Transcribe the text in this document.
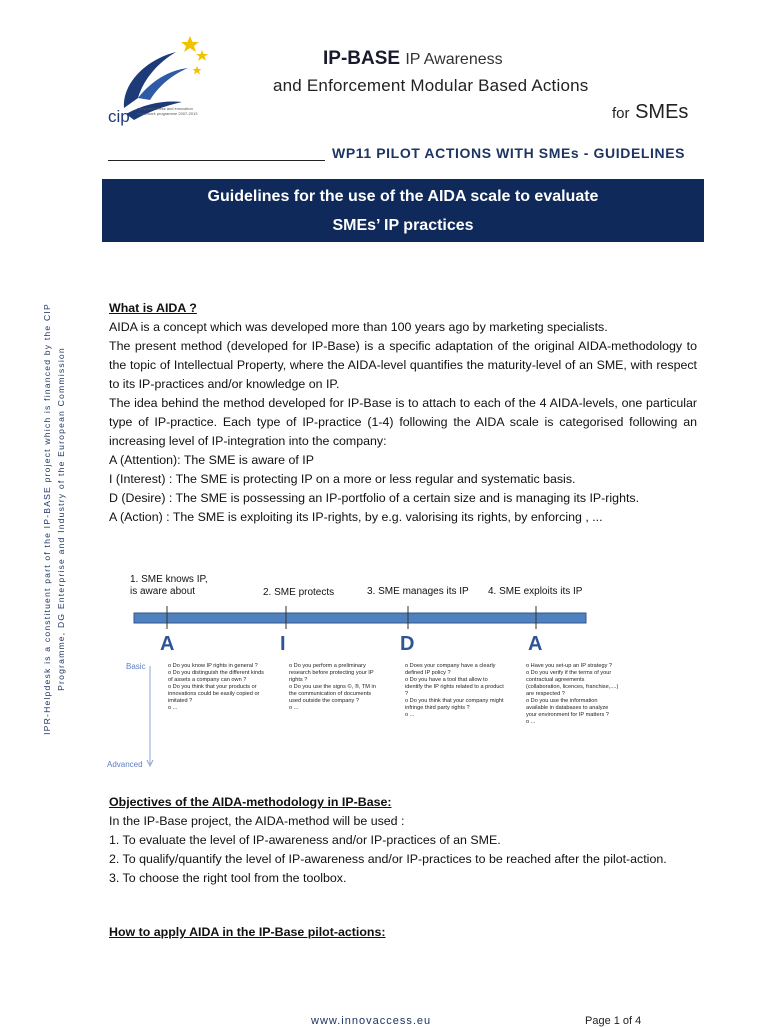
cip competitiveness and innovation framework programme 2007-2013
IP-BASE IP Awareness
and Enforcement Modular Based Actions
for SMEs
WP11 PILOT ACTIONS WITH SMEs - GUIDELINES
Guidelines for the use of the AIDA scale to evaluate
SMEs’ IP practices
IPR-Helpdesk is a constituent part of the IP-BASE project which is financed by the CIP Programme, DG Enterprise and Industry of the European Commission

What is AIDA ?

AIDA is a concept which was developed more than 100 years ago by marketing specialists.

The present method (developed for IP-Base) is a specific adaptation of the original AIDA-methodology to the topic of Intellectual Property, where the AIDA-level quantifies the maturity-level of an SME, with respect to its IP-practices and/or knowledge on IP.

The idea behind the method developed for IP-Base is to attach to each of the 4 AIDA-levels, one particular type of IP-practice. Each type of IP-practice (1-4) following the AIDA scale is categorised following an increasing level of IP-integration into the company:

A (Attention): The SME is aware of IP

I (Interest) : The SME is protecting IP on a more or less regular and systematic basis.

D (Desire) : The SME is possessing an IP-portfolio of a certain size and is managing its IP-rights.

A (Action) : The SME is exploiting its IP-rights, by e.g. valorising its rights, by enforcing , ...

1. SME knows IP,
is aware about	2. SME protects	3. SME manages its IP 4. SME exploits its IP
A	I	D	A
Basic
Advanced
o Do you know IP rights in general ?
o Do you distinguish the different kinds
of assets a company can own ?
o Do you think that your products or
innovations could be easily copied or
imitated ?
o ...
o Do you perform a preliminary
research before protecting your IP
rights ?
o Do you use the signs ©, ®, TM in
the communication of documents
used outside the company ?
o ...
o Does your company have a clearly
defined IP policy ?
o Do you have a tool that allow to
identify the IP rights related to a product
?
o Do you think that your company might
infringe third party rights ?
o ...
o Have you set-up an IP strategy ?
o Do you verify if the terms of your
contractual agreements
(collaboration, licences, franchise,....)
are respected ?
o Do you use the information
available in databases to analyze
your environment for IP matters ?
o ...

Objectives of the AIDA-methodology in IP-Base:

In the IP-Base project, the AIDA-method will be used :

1. To evaluate the level of IP-awareness and/or IP-practices of an SME.

2. To qualify/quantify the level of IP-awareness and/or IP-practices to be reached after the pilot-action.

3. To choose the right tool from the toolbox.

How to apply AIDA in the IP-Base pilot-actions:
www.innovaccess.eu	Page 1 of 4
